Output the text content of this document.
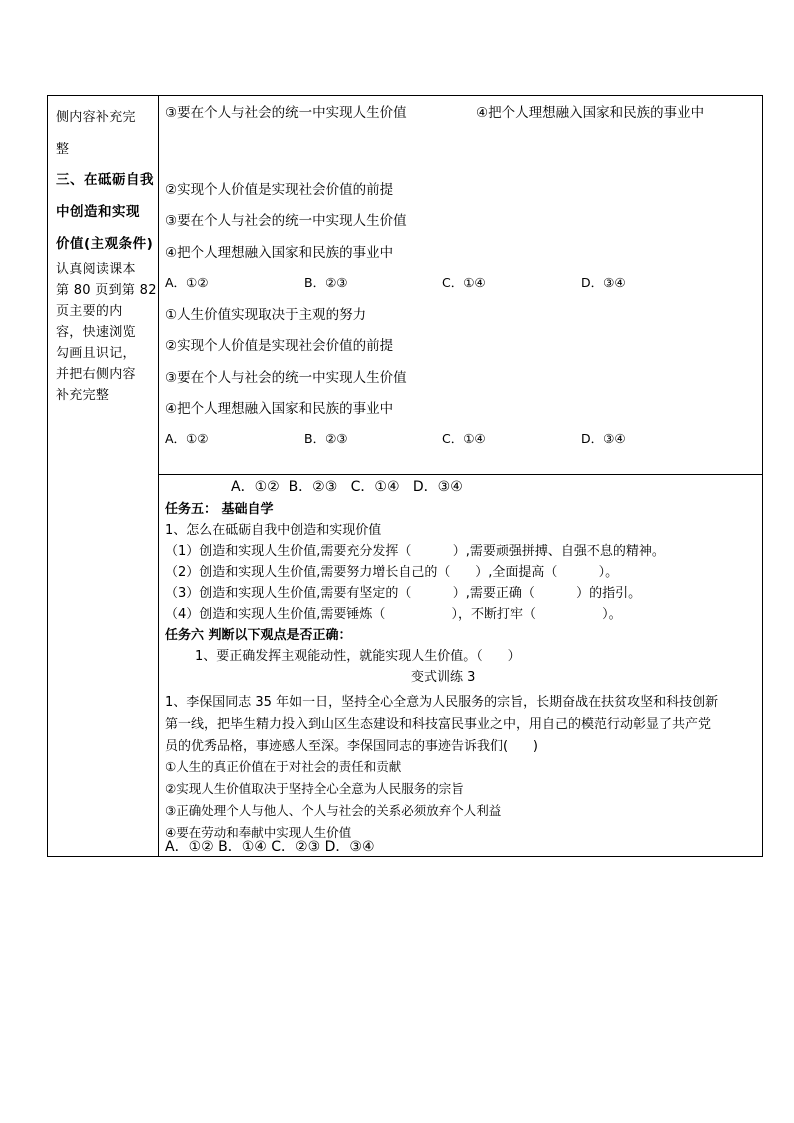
侧内容补充完
整
三、在砥砺自我
中创造和实现
价值(主观条件)
认真阅读课本
第 80 页到第 82
页主要的内
容，快速浏览
勾画且识记，
并把右侧内容
补充完整
③要在个人与社会的统一中实现人生价值	④把个人理想融入国家和民族的事业中
②实现个人价值是实现社会价值的前提
③要在个人与社会的统一中实现人生价值
④把个人理想融入国家和民族的事业中
A．①②	B．②③	C．①④	D．③④
①人生价值实现取决于主观的努力
②实现个人价值是实现社会价值的前提
③要在个人与社会的统一中实现人生价值
④把个人理想融入国家和民族的事业中
A．①②	B．②③	C．①④	D．③④
A．①②  B．②③   C．①④   D．③④
任务五： 基础自学
1、怎么在砥砺自我中创造和实现价值
（1）创造和实现人生价值,需要充分发挥（          ）,需要顽强拼搏、自强不息的精神。
（2）创造和实现人生价值,需要努力增长自己的（      ）,全面提高（          ）。
（3）创造和实现人生价值,需要有坚定的（          ）,需要正确（          ）的指引。
（4）创造和实现人生价值,需要锤炼（                ），不断打牢（                ）。
任务六 判断以下观点是否正确：
1、要正确发挥主观能动性，就能实现人生价值。（      ）
变式训练 3
1、李保国同志 35 年如一日，坚持全心全意为人民服务的宗旨，长期奋战在扶贫攻坚和科技创新
第一线，把毕生精力投入到山区生态建设和科技富民事业之中，用自己的模范行动彰显了共产党
员的优秀品格，事迹感人至深。李保国同志的事迹告诉我们(      )
①人生的真正价值在于对社会的责任和贡献
②实现人生价值取决于坚持全心全意为人民服务的宗旨
③正确处理个人与他人、个人与社会的关系必须放弃个人利益
④要在劳动和奉献中实现人生价值
A．①② B．①④ C．②③ D．③④
